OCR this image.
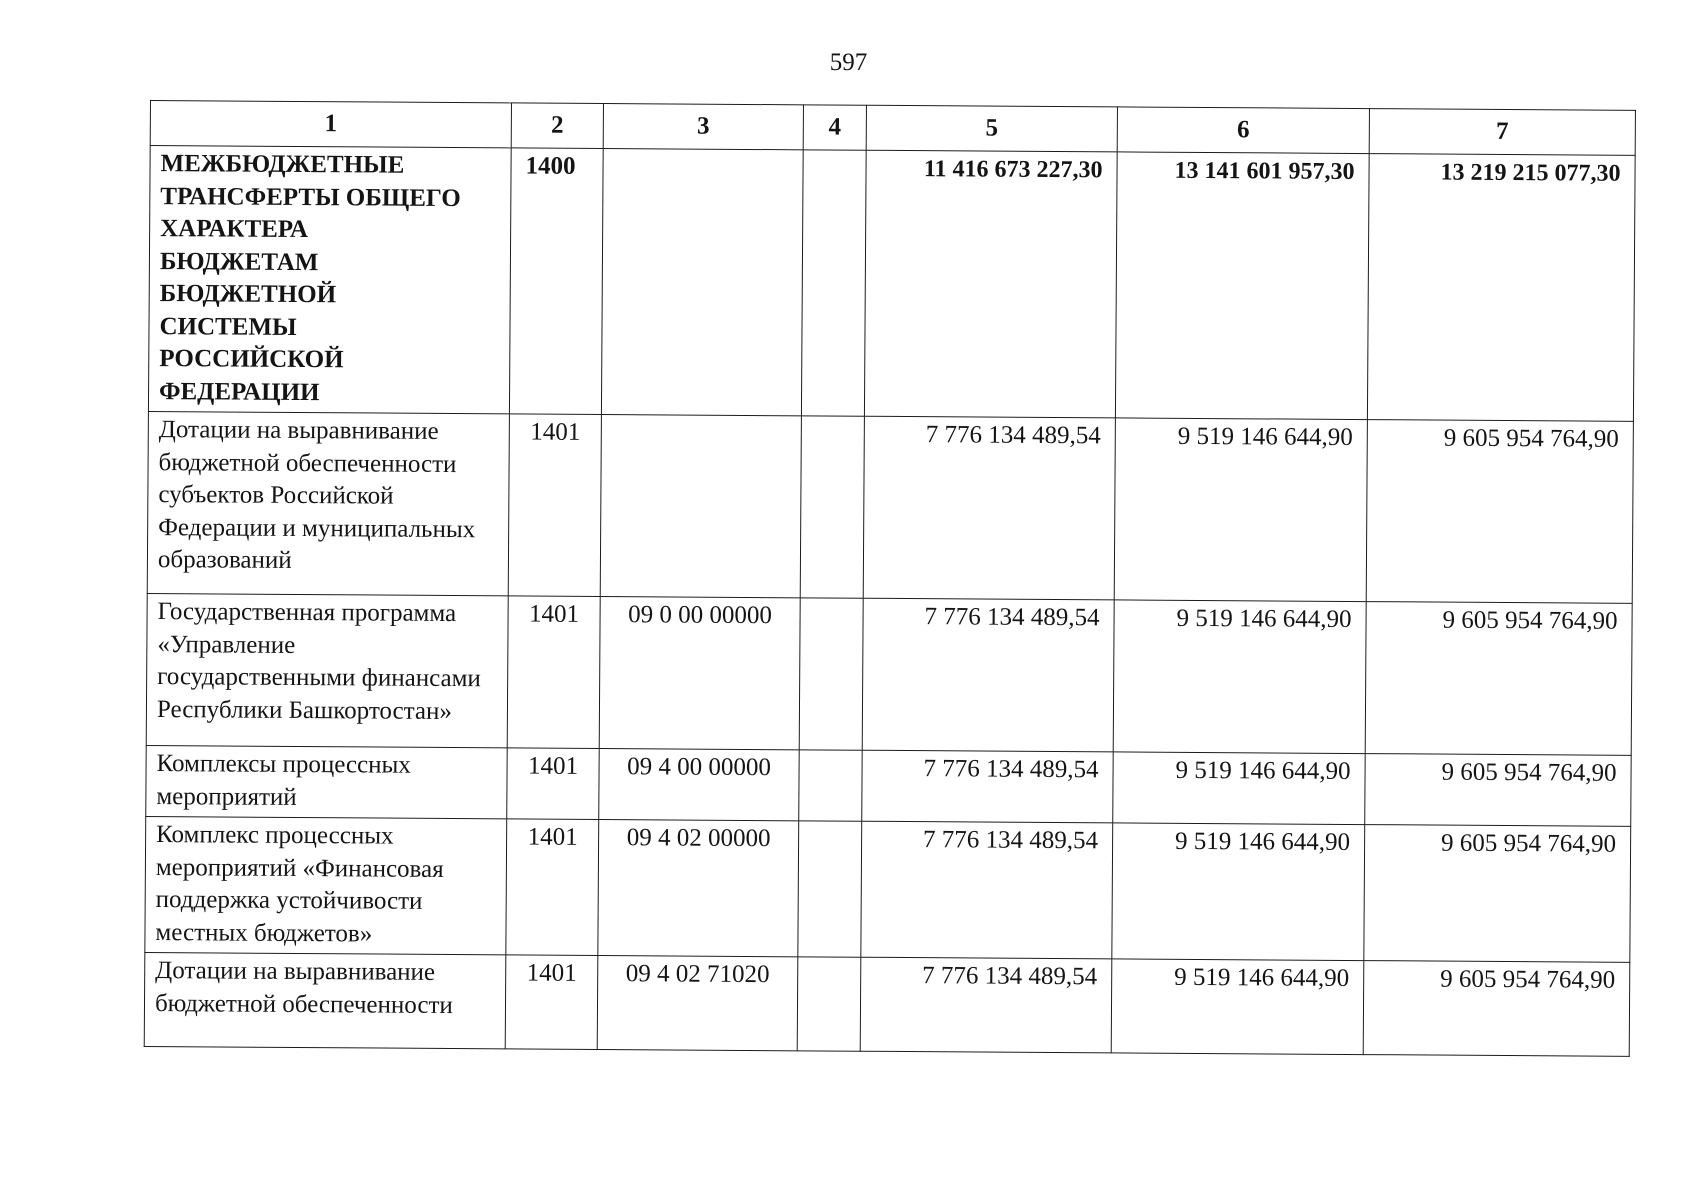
597
1	2	3	4	5	6	7
МЕЖБЮДЖЕТНЫЕ ТРАНСФЕРТЫ ОБЩЕГО ХАРАКТЕРА БЮДЖЕТАМ БЮДЖЕТНОЙ СИСТЕМЫ РОССИЙСКОЙ ФЕДЕРАЦИИ	1400			11 416 673 227,30	13 141 601 957,30	13 219 215 077,30
Дотации на выравнивание бюджетной обеспеченности субъектов Российской Федерации и муниципальных образований	1401			7 776 134 489,54	9 519 146 644,90	9 605 954 764,90
Государственная программа «Управление государственными финансами Республики Башкортостан»	1401	09 0 00 00000		7 776 134 489,54	9 519 146 644,90	9 605 954 764,90
Комплексы процессных мероприятий	1401	09 4 00 00000		7 776 134 489,54	9 519 146 644,90	9 605 954 764,90
Комплекс процессных мероприятий «Финансовая поддержка устойчивости местных бюджетов»	1401	09 4 02 00000		7 776 134 489,54	9 519 146 644,90	9 605 954 764,90
Дотации на выравнивание бюджетной обеспеченности	1401	09 4 02 71020		7 776 134 489,54	9 519 146 644,90	9 605 954 764,90
